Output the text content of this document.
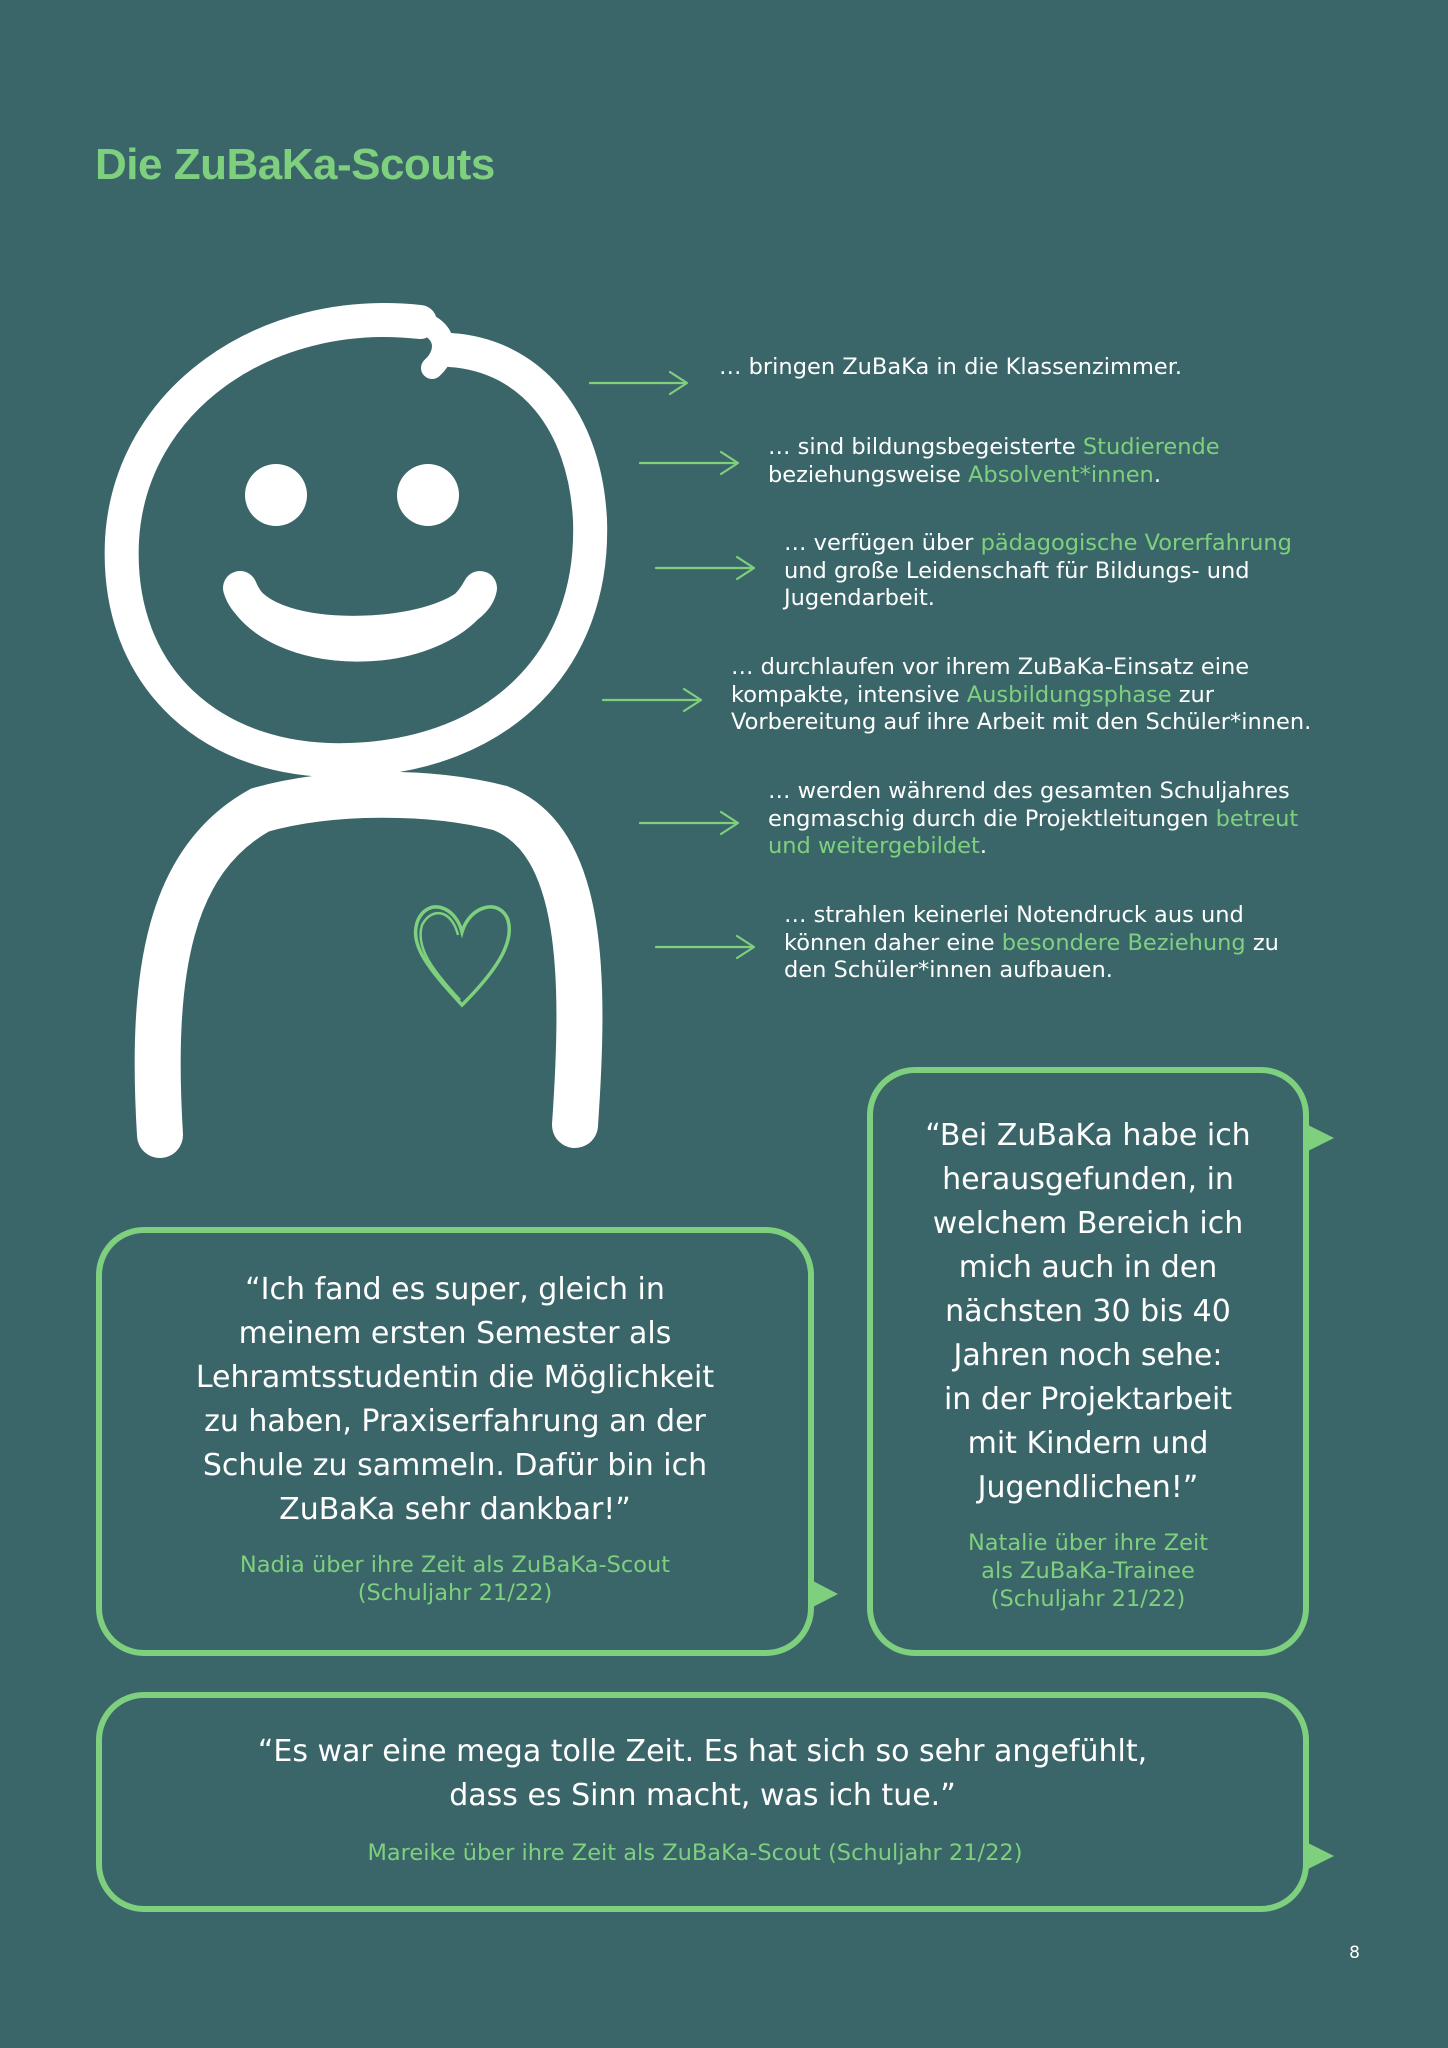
Die ZuBaKa-Scouts
… bringen ZuBaKa in die Klassenzimmer.
… sind bildungsbegeisterte Studierende
beziehungsweise Absolvent*innen.
… verfügen über pädagogische Vorerfahrung
und große Leidenschaft für Bildungs- und
Jugendarbeit.
… durchlaufen vor ihrem ZuBaKa-Einsatz eine
kompakte, intensive Ausbildungsphase zur
Vorbereitung auf ihre Arbeit mit den Schüler*innen.
… werden während des gesamten Schuljahres
engmaschig durch die Projektleitungen betreut
und weitergebildet.
… strahlen keinerlei Notendruck aus und
können daher eine besondere Beziehung zu
den Schüler*innen aufbauen.
“Ich fand es super, gleich in
meinem ersten Semester als
Lehramtsstudentin die Möglichkeit
zu haben, Praxiserfahrung an der
Schule zu sammeln. Dafür bin ich
ZuBaKa sehr dankbar!”
Nadia über ihre Zeit als ZuBaKa-Scout
(Schuljahr 21/22)
“Bei ZuBaKa habe ich
herausgefunden, in
welchem Bereich ich
mich auch in den
nächsten 30 bis 40
Jahren noch sehe:
in der Projektarbeit
mit Kindern und
Jugendlichen!”
Natalie über ihre Zeit
als ZuBaKa-Trainee
(Schuljahr 21/22)
“Es war eine mega tolle Zeit. Es hat sich so sehr angefühlt,
dass es Sinn macht, was ich tue.”
Mareike über ihre Zeit als ZuBaKa-Scout (Schuljahr 21/22)
8
